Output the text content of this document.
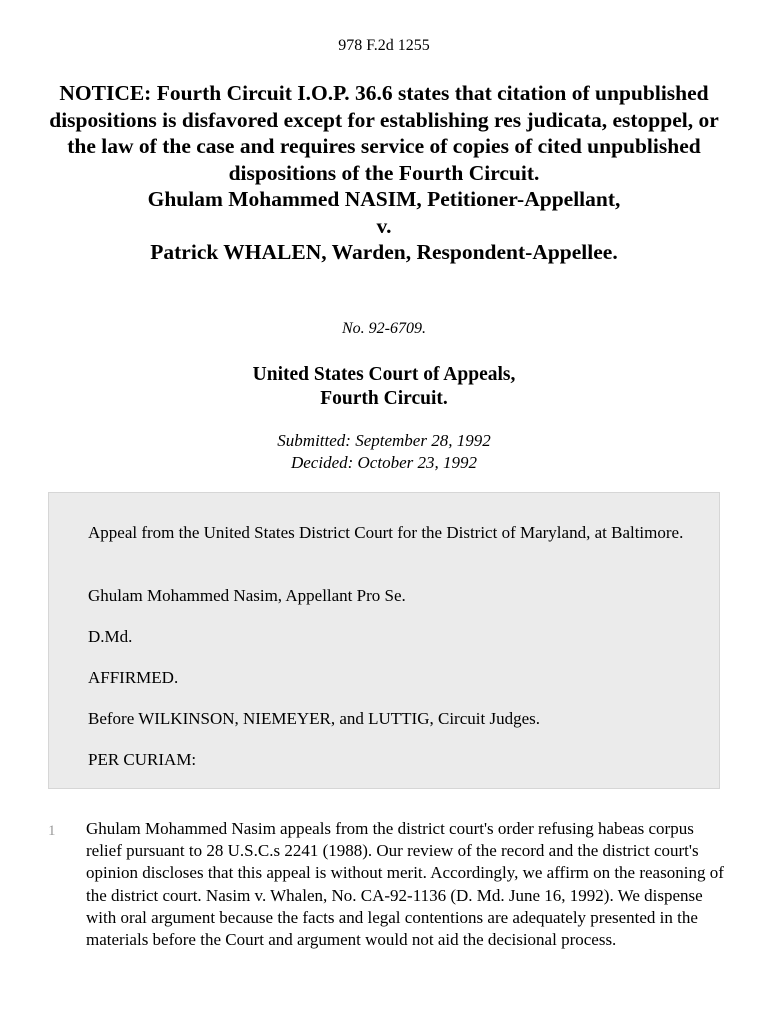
978 F.2d 1255
NOTICE: Fourth Circuit I.O.P. 36.6 states that citation of unpublished dispositions is disfavored except for establishing res judicata, estoppel, or the law of the case and requires service of copies of cited unpublished dispositions of the Fourth Circuit.
Ghulam Mohammed NASIM, Petitioner-Appellant,
v.
Patrick WHALEN, Warden, Respondent-Appellee.
No. 92-6709.
United States Court of Appeals,
Fourth Circuit.
Submitted: September 28, 1992
Decided: October 23, 1992

Appeal from the United States District Court for the District of Maryland, at Baltimore.

Ghulam Mohammed Nasim, Appellant Pro Se.

D.Md.

AFFIRMED.

Before WILKINSON, NIEMEYER, and LUTTIG, Circuit Judges.

PER CURIAM:

1 Ghulam Mohammed Nasim appeals from the district court's order refusing habeas corpus relief pursuant to 28 U.S.C.s 2241 (1988). Our review of the record and the district court's opinion discloses that this appeal is without merit. Accordingly, we affirm on the reasoning of the district court. Nasim v. Whalen, No. CA-92-1136 (D. Md. June 16, 1992). We dispense with oral argument because the facts and legal contentions are adequately presented in the materials before the Court and argument would not aid the decisional process.
